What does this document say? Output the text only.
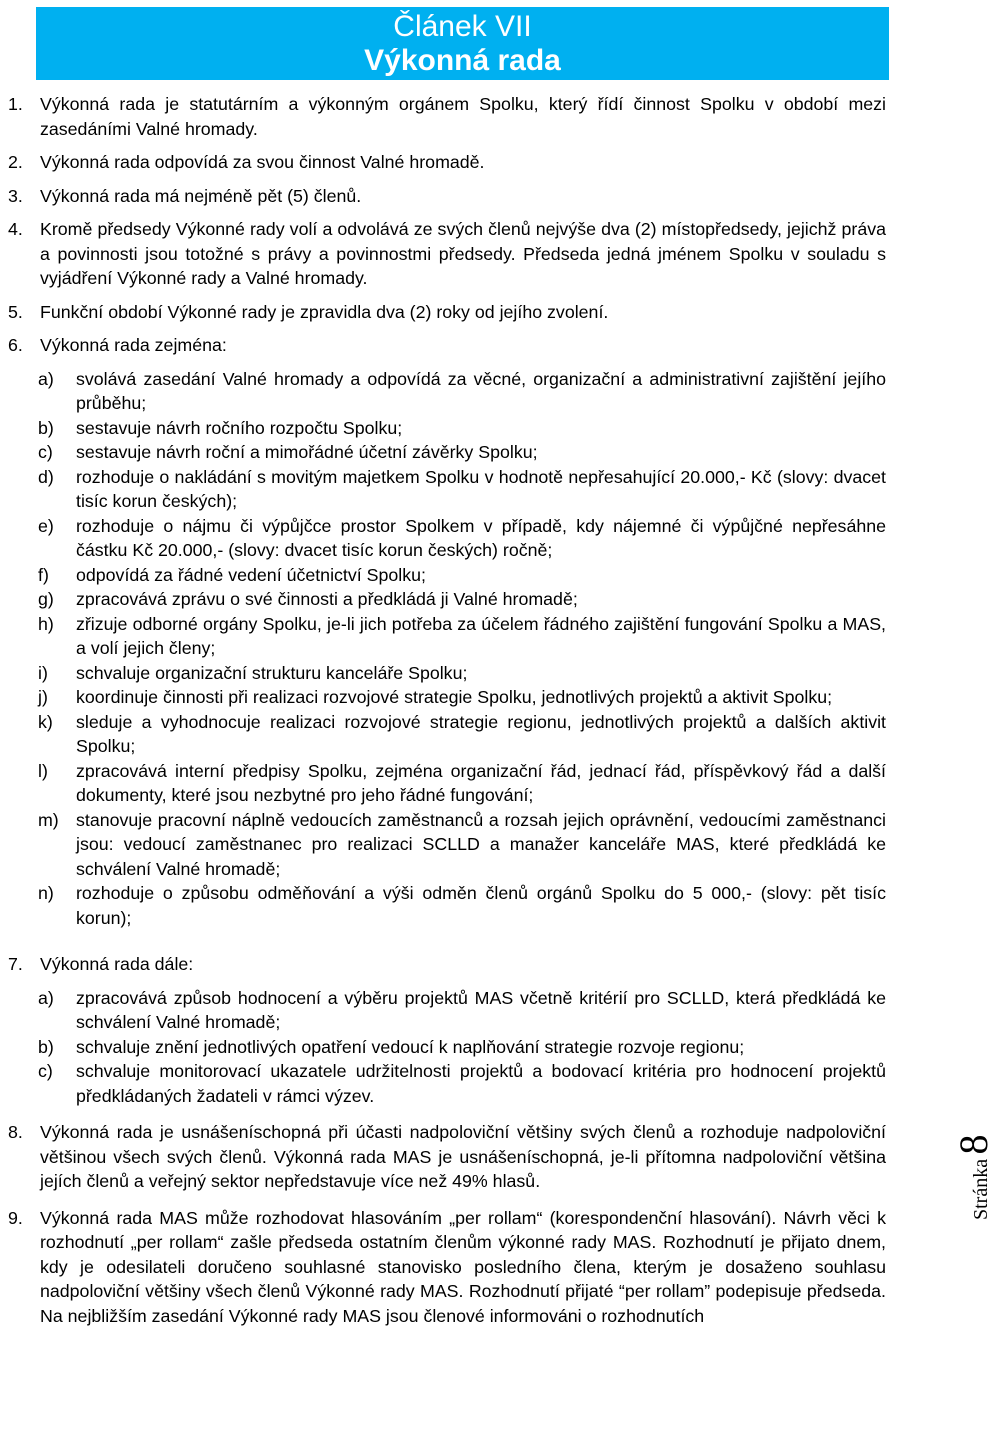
Článek VII
Výkonná rada
1. Výkonná rada je statutárním a výkonným orgánem Spolku, který řídí činnost Spolku v období mezi zasedáními Valné hromady.
2. Výkonná rada odpovídá za svou činnost Valné hromadě.
3. Výkonná rada má nejméně pět (5) členů.
4. Kromě předsedy Výkonné rady volí a odvolává ze svých členů nejvýše dva (2) místopředsedy, jejichž práva a povinnosti jsou totožné s právy a povinnostmi předsedy. Předseda jedná jménem Spolku v souladu s vyjádření Výkonné rady a Valné hromady.
5. Funkční období Výkonné rady je zpravidla dva (2) roky od jejího zvolení.
6. Výkonná rada zejména:
a) svolává zasedání Valné hromady a odpovídá za věcné, organizační a administrativní zajištění jejího průběhu;
b) sestavuje návrh ročního rozpočtu Spolku;
c) sestavuje návrh roční a mimořádné účetní závěrky Spolku;
d) rozhoduje o nakládání s movitým majetkem Spolku v hodnotě nepřesahující 20.000,- Kč (slovy: dvacet tisíc korun českých);
e) rozhoduje o nájmu či výpůjčce prostor Spolkem v případě, kdy nájemné či výpůjčné nepřesáhne částku Kč 20.000,- (slovy: dvacet tisíc korun českých) ročně;
f) odpovídá za řádné vedení účetnictví Spolku;
g) zpracovává zprávu o své činnosti a předkládá ji Valné hromadě;
h) zřizuje odborné orgány Spolku, je-li jich potřeba za účelem řádného zajištění fungování Spolku a MAS, a volí jejich členy;
i) schvaluje organizační strukturu kanceláře Spolku;
j) koordinuje činnosti při realizaci rozvojové strategie Spolku, jednotlivých projektů a aktivit Spolku;
k) sleduje a vyhodnocuje realizaci rozvojové strategie regionu, jednotlivých projektů a dalších aktivit Spolku;
l) zpracovává interní předpisy Spolku, zejména organizační řád, jednací řád, příspěvkový řád a další dokumenty, které jsou nezbytné pro jeho řádné fungování;
m) stanovuje pracovní náplně vedoucích zaměstnanců a rozsah jejich oprávnění, vedoucími zaměstnanci jsou: vedoucí zaměstnanec pro realizaci SCLLD a manažer kanceláře MAS, které předkládá ke schválení Valné hromadě;
n) rozhoduje o způsobu odměňování a výši odměn členů orgánů Spolku do 5 000,- (slovy: pět tisíc korun);
7. Výkonná rada dále:
a) zpracovává způsob hodnocení a výběru projektů MAS včetně kritérií pro SCLLD, která předkládá ke schválení Valné hromadě;
b) schvaluje znění jednotlivých opatření vedoucí k naplňování strategie rozvoje regionu;
c) schvaluje monitorovací ukazatele udržitelnosti projektů a bodovací kritéria pro hodnocení projektů předkládaných žadateli v rámci výzev.
8. Výkonná rada je usnášeníschopná při účasti nadpoloviční většiny svých členů a rozhoduje nadpoloviční většinou všech svých členů. Výkonná rada MAS je usnášeníschopná, je-li přítomna nadpoloviční většina jejích členů a veřejný sektor nepředstavuje více než 49% hlasů.
9. Výkonná rada MAS může rozhodovat hlasováním „per rollam“ (korespondenční hlasování). Návrh věci k rozhodnutí „per rollam“ zašle předseda ostatním členům výkonné rady MAS. Rozhodnutí je přijato dnem, kdy je odesilateli doručeno souhlasné stanovisko posledního člena, kterým je dosaženo souhlasu nadpoloviční většiny všech členů Výkonné rady MAS. Rozhodnutí přijaté “per rollam” podepisuje předseda. Na nejbližším zasedání Výkonné rady MAS jsou členové informováni o rozhodnutích
Stránka 8
